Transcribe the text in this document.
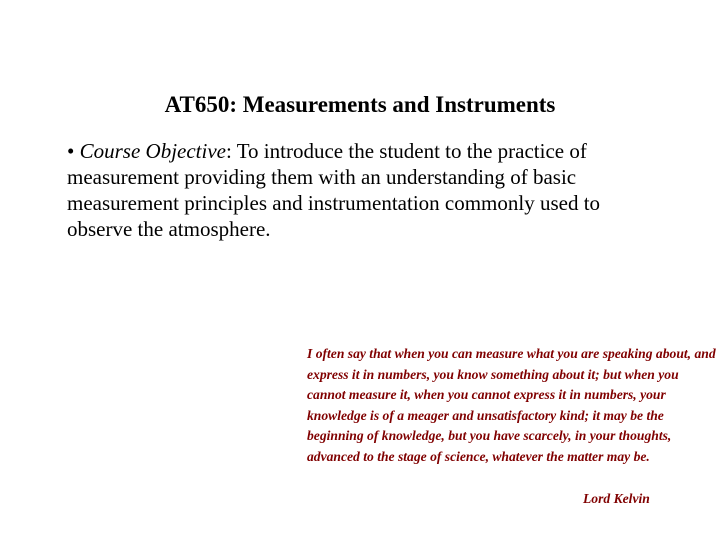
AT650: Measurements and Instruments

• Course Objective: To introduce the student to the practice of measurement providing them with an understanding of basic measurement principles and instrumentation commonly used to observe the atmosphere.

I often say that when you can measure what you are speaking about, and express it in numbers, you know something about it; but when you cannot measure it, when you cannot express it in numbers, your knowledge is of a meager and unsatisfactory kind; it may be the beginning of knowledge, but you have scarcely, in your thoughts, advanced to the stage of science, whatever the matter may be.

Lord Kelvin
